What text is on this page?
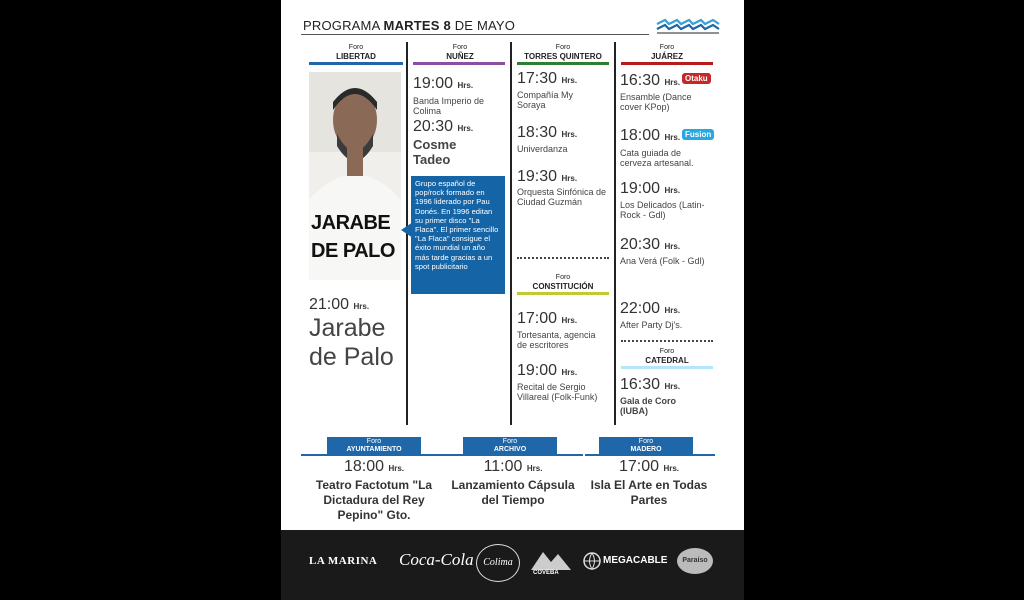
PROGRAMA MARTES 8 DE MAYO
Foro
LIBERTAD
Foro
NUÑEZ
Foro
TORRES QUINTERO
Foro
JUÁREZ
JARABE
DE PALO
21:00 Hrs.
Jarabe
de Palo
19:00 Hrs.
Banda Imperio de Colima
20:30 Hrs.
Cosme
Tadeo
Grupo español de pop/rock formado en 1996 liderado por Pau Donés. En 1996 editan su primer disco "La Flaca". El primer sencillo "La Flaca" consigue el éxito mundial un año más tarde gracias a un spot publicitario
17:30 Hrs.
Compañía My Soraya
18:30 Hrs.
Univerdanza
19:30 Hrs.
Orquesta Sinfónica de Ciudad Guzmán
Foro
CONSTITUCIÓN
17:00 Hrs.
Tortesanta, agencia de escritores
19:00 Hrs.
Recital de Sergio Villareal (Folk-Funk)
16:30 Hrs. Otaku
Ensamble (Dance cover KPop)
18:00 Hrs. Fusion
Cata guiada de cerveza artesanal.
19:00 Hrs.
Los Delicados (Latin-Rock - Gdl)
20:30 Hrs.
Ana Verá (Folk - Gdl)
22:00 Hrs.
After Party Dj's.
Foro
CATEDRAL
16:30 Hrs.
Gala de Coro (IUBA)
Foro
AYUNTAMIENTO
18:00 Hrs.
Teatro Factotum "La Dictadura del Rey Pepino" Gto.
Foro
ARCHIVO
11:00 Hrs.
Lanzamiento Cápsula del Tiempo
Foro
MADERO
17:00 Hrs.
Isla El Arte en Todas Partes
LA MARINA Coca-Cola Colima
COVEBA
MEGACABLE	Paraíso
